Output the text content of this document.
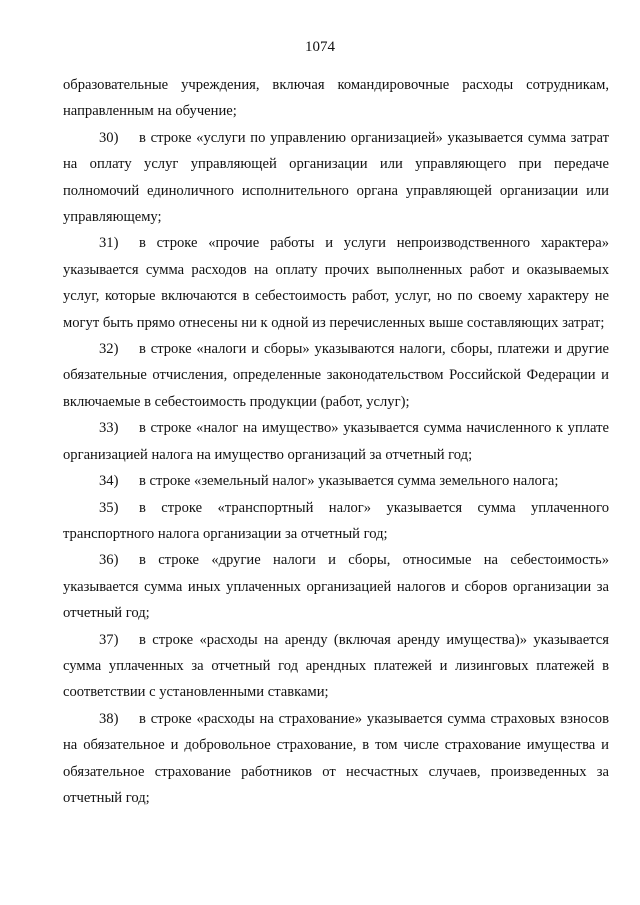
1074

образовательные учреждения, включая командировочные расходы сотрудникам, направленным на обучение;

30) в строке «услуги по управлению организацией» указывается сумма затрат на оплату услуг управляющей организации или управляющего при передаче полномочий единоличного исполнительного органа управляющей организации или управляющему;

31) в строке «прочие работы и услуги непроизводственного характера» указывается сумма расходов на оплату прочих выполненных работ и оказываемых услуг, которые включаются в себестоимость работ, услуг, но по своему характеру не могут быть прямо отнесены ни к одной из перечисленных выше составляющих затрат;

32) в строке «налоги и сборы» указываются налоги, сборы, платежи и другие обязательные отчисления, определенные законодательством Российской Федерации и включаемые в себестоимость продукции (работ, услуг);

33) в строке «налог на имущество» указывается сумма начисленного к уплате организацией налога на имущество организаций за отчетный год;

34) в строке «земельный налог» указывается сумма земельного налога;

35) в строке «транспортный налог» указывается сумма уплаченного транспортного налога организации за отчетный год;

36) в строке «другие налоги и сборы, относимые на себестоимость» указывается сумма иных уплаченных организацией налогов и сборов организации за отчетный год;

37) в строке «расходы на аренду (включая аренду имущества)» указывается сумма уплаченных за отчетный год арендных платежей и лизинговых платежей в соответствии с установленными ставками;

38) в строке «расходы на страхование» указывается сумма страховых взносов на обязательное и добровольное страхование, в том числе страхование имущества и обязательное страхование работников от несчастных случаев, произведенных за отчетный год;
